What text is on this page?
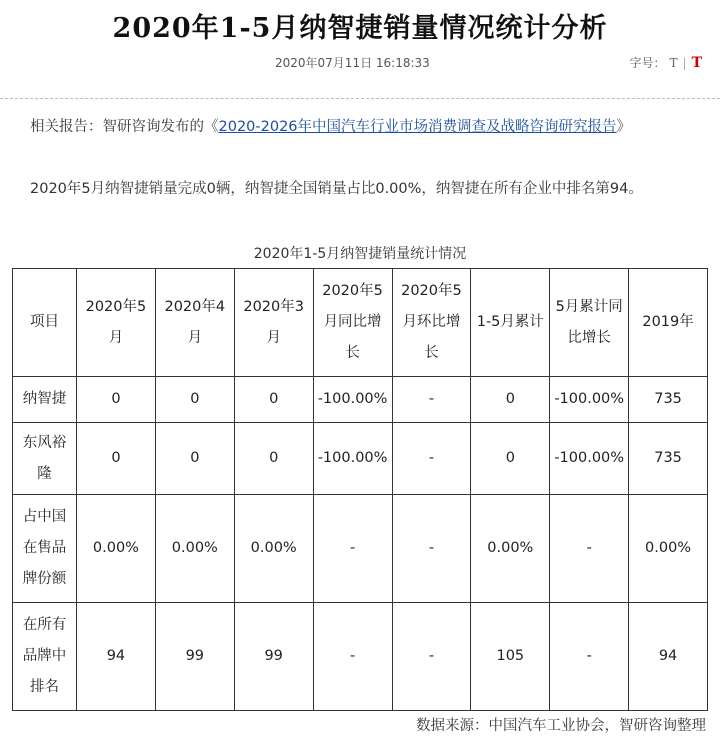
2020年1-5月纳智捷销量情况统计分析
2020年07月11日 16:18:33	字号： T | T
相关报告：智研咨询发布的《2020-2026年中国汽车行业市场消费调查及战略咨询研究报告》
2020年5月纳智捷销量完成0辆，纳智捷全国销量占比0.00%，纳智捷在所有企业中排名第94。
2020年1-5月纳智捷销量统计情况
项目	2020年5月	2020年4月	2020年3月	2020年5月同比增长	2020年5月环比增长	1-5月累计	5月累计同比增长	2019年
纳智捷	0	0	0	-100.00%	-	0	-100.00%	735
东风裕隆	0	0	0	-100.00%	-	0	-100.00%	735
占中国在售品牌份额	0.00%	0.00%	0.00%	-	-	0.00%	-	0.00%
在所有品牌中排名	94	99	99	-	-	105	-	94
数据来源：中国汽车工业协会，智研咨询整理
